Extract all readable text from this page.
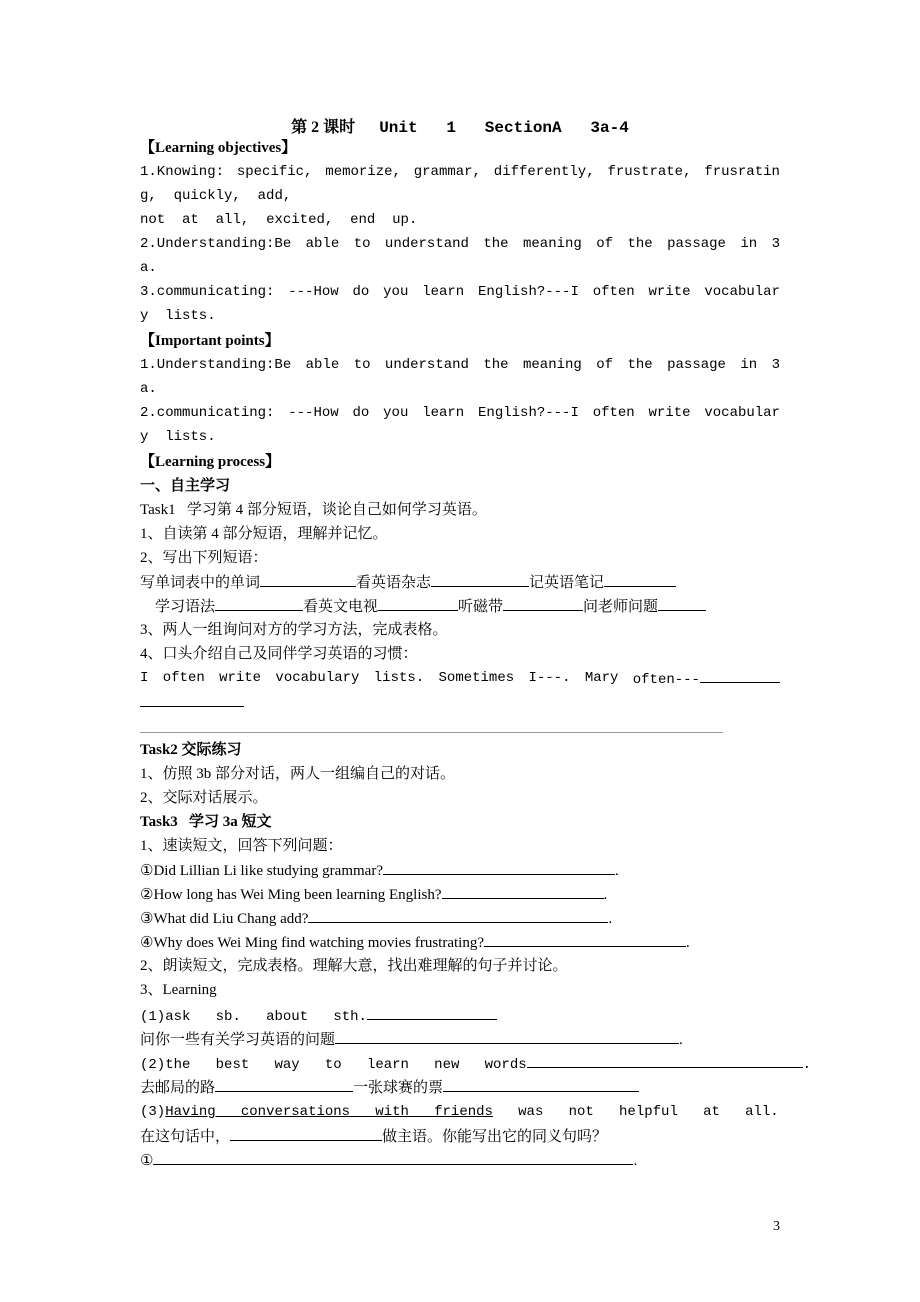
第 2 课时 Unit   1   SectionA   3a-4
【Learning objectives】
1.Knowing: specific, memorize, grammar, differently, frustrate, frusratin
g, quickly, add,
not at all, excited, end up.
2.Understanding:Be able to understand the meaning of the passage in 3
a.
3.communicating: ---How do you learn English?---I often write vocabular
y  lists.
【Important points】
1.Understanding:Be able to understand the meaning of the passage in 3
a.
2.communicating: ---How do you learn English?---I often write vocabular
y  lists.
【Learning process】
一、自主学习
Task1 学习第 4 部分短语，谈论自己如何学习英语。
1、自读第 4 部分短语，理解并记忆。
2、写出下列短语：
写单词表中的单词	看英语杂志	记英语笔记
学习语法	看英文电视	听磁带	问老师问题
3、两人一组询问对方的学习方法，完成表格。
4、口头介绍自己及同伴学习英语的习惯：
I often write vocabulary lists. Sometimes I---. Mary often---
Task2 交际练习
1、仿照 3b 部分对话，两人一组编自己的对话。
2、交际对话展示。
Task3   学习 3a 短文
1、速读短文，回答下列问题：
①Did Lillian Li like studying grammar?	.
②How long has Wei Ming been learning English?	.
③What did Liu Chang add?	.
④Why does Wei Ming find watching movies frustrating?	.
2、朗读短文，完成表格。理解大意，找出难理解的句子并讨论。
3、Learning
(1)ask sb. about sth.
问你一些有关学习英语的问题	.
(2)the best way to learn new words	.
去邮局的路	一张球赛的票
(3)Having conversations with friends was not helpful at all.
在这句话中，	做主语。你能写出它的同义句吗？
①	.
3
